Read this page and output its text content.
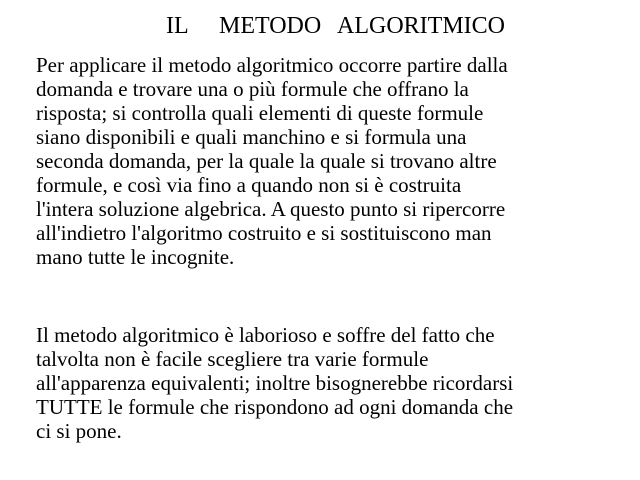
IL METODO ALGORITMICO
Per applicare il metodo algoritmico occorre partire dalla
domanda e trovare una o più formule che offrano la
risposta; si controlla quali elementi di queste formule
siano disponibili e quali manchino e si formula una
seconda domanda, per la quale la quale si trovano altre
formule, e così via fino a quando non si è costruita
l'intera soluzione algebrica. A questo punto si ripercorre
all'indietro l'algoritmo costruito e si sostituiscono man
mano tutte le incognite.
Il metodo algoritmico è laborioso e soffre del fatto che
talvolta non è facile scegliere tra varie formule
all'apparenza equivalenti; inoltre bisognerebbe ricordarsi
TUTTE le formule che rispondono ad ogni domanda che
ci si pone.
